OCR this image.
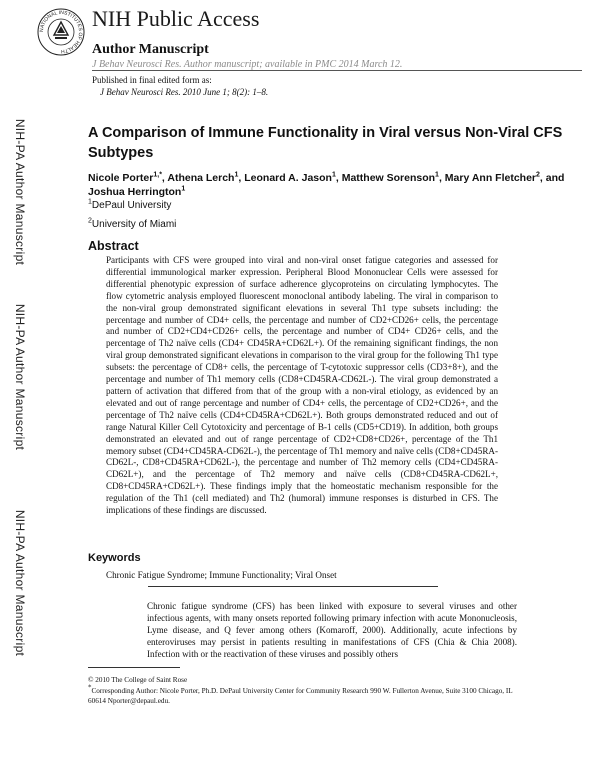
NATIONAL INSTITUTES OF HEALTH
NIH Public Access
Author Manuscript
J Behav Neurosci Res. Author manuscript; available in PMC 2014 March 12.
Published in final edited form as:
J Behav Neurosci Res. 2010 June 1; 8(2): 1–8.
NIH-PA Author Manuscript
NIH-PA Author Manuscript
NIH-PA Author Manuscript
A Comparison of Immune Functionality in Viral versus Non-Viral CFS Subtypes
Nicole Porter$^{1,*}$, Athena Lerch$^1$, Leonard A. Jason$^1$, Matthew Sorenson$^1$, Mary Ann Fletcher$^2$, and Joshua Herrington$^1$
$^1$DePaul University
$^2$University of Miami
Abstract

Participants with CFS were grouped into viral and non-viral onset fatigue categories and assessed for differential immunological marker expression. Peripheral Blood Mononuclear Cells were assessed for differential phenotypic expression of surface adherence glycoproteins on circulating lymphocytes. The flow cytometric analysis employed fluorescent monoclonal antibody labeling. The viral in comparison to the non-viral group demonstrated significant elevations in several Th1 type subsets including: the percentage and number of CD4+ cells, the percentage and number of CD2+CD26+ cells, the percentage and number of CD2+CD4+CD26+ cells, the percentage and number of CD4+ CD26+ cells, and the percentage of Th2 naïve cells (CD4+ CD45RA+CD62L+). Of the remaining significant findings, the non viral group demonstrated significant elevations in comparison to the viral group for the following Th1 type subsets: the percentage of CD8+ cells, the percentage of T-cytotoxic suppressor cells (CD3+8+), and the percentage and number of Th1 memory cells (CD8+CD45RA-CD62L-). The viral group demonstrated a pattern of activation that differed from that of the group with a non-viral etiology, as evidenced by an elevated and out of range percentage and number of CD4+ cells, the percentage of CD2+CD26+, and the percentage of Th2 naïve cells (CD4+CD45RA+CD62L+). Both groups demonstrated reduced and out of range Natural Killer Cell Cytotoxicity and percentage of B-1 cells (CD5+CD19). In addition, both groups demonstrated an elevated and out of range percentage of CD2+CD8+CD26+, percentage of the Th1 memory subset (CD4+CD45RA-CD62L-), the percentage of Th1 memory and naïve cells (CD8+CD45RA-CD62L-, CD8+CD45RA+CD62L-), the percentage and number of Th2 memory cells (CD4+CD45RA-CD62L+), and the percentage of Th2 memory and naïve cells (CD8+CD45RA-CD62L+, CD8+CD45RA+CD62L+). These findings imply that the homeostatic mechanism responsible for the regulation of the Th1 (cell mediated) and Th2 (humoral) immune responses is disturbed in CFS. The implications of these findings are discussed.

Keywords
Chronic Fatigue Syndrome; Immune Functionality; Viral Onset

Chronic fatigue syndrome (CFS) has been linked with exposure to several viruses and other infectious agents, with many onsets reported following primary infection with acute Mononucleosis, Lyme disease, and Q fever among others (Komaroff, 2000). Additionally, acute infections by enteroviruses may persist in patients resulting in manifestations of CFS (Chia & Chia 2008). Infection with or the reactivation of these viruses and possibly others

© 2010 The College of Saint Rose
*Corresponding Author: Nicole Porter, Ph.D. DePaul University Center for Community Research 990 W. Fullerton Avenue, Suite 3100 Chicago, IL 60614 Nporter@depaul.edu.
